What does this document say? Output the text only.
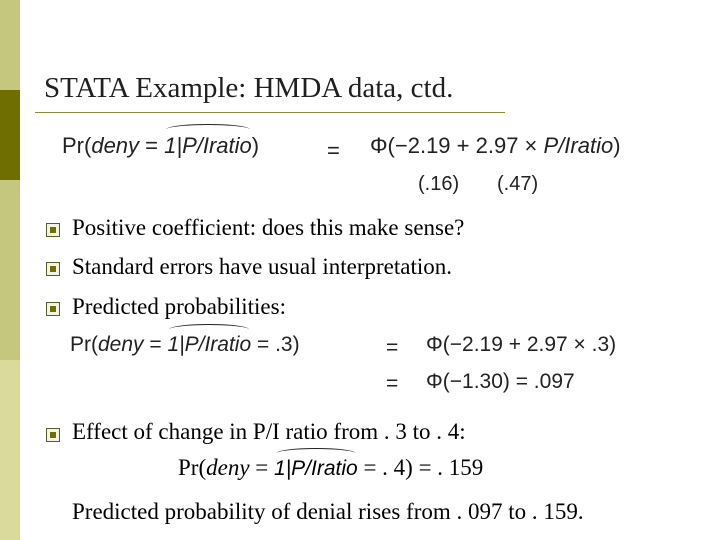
STATA Example: HMDA data, ctd.
Pr(deny = 1|P/Iratio)	= Φ(−2.19 + 2.97 × P/Iratio)
(.16) (.47)
Positive coefficient: does this make sense?
Standard errors have usual interpretation.
Predicted probabilities:
Pr(deny = 1|P/Iratio = .3)	= Φ(−2.19 + 2.97 × .3)
= Φ(−1.30) = .097
Effect of change in P/I ratio from . 3 to . 4:
Pr(deny = 1|P/Iratio = . 4) = . 159
Predicted probability of denial rises from . 097 to . 159.
